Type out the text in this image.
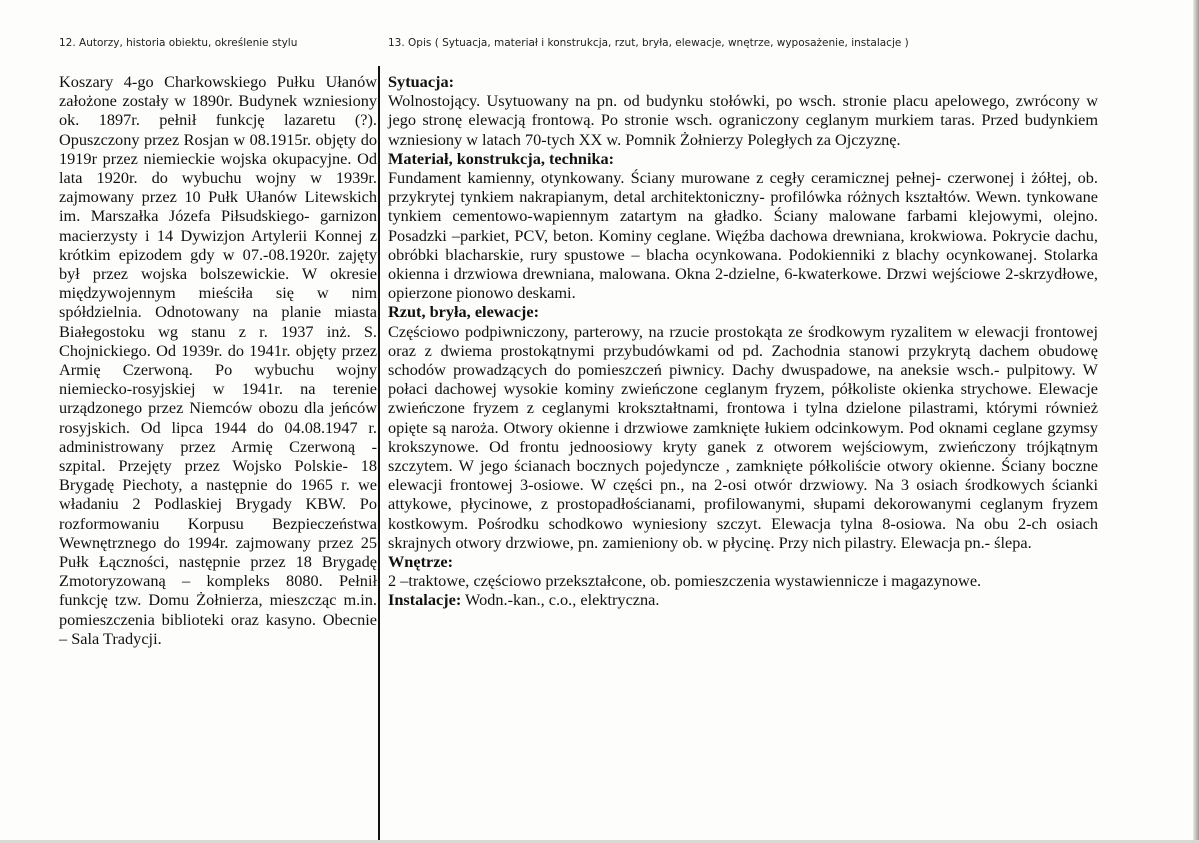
12. Autorzy, historia obiektu, określenie stylu	13. Opis ( Sytuacja, materiał i konstrukcja, rzut, bryła, elewacje, wnętrze, wyposażenie, instalacje )

Koszary 4-go Charkowskiego Pułku Ułanów założone zostały w 1890r. Budynek wzniesiony ok. 1897r. pełnił funkcję lazaretu (?). Opuszczony przez Rosjan w 08.1915r. objęty do 1919r przez niemieckie wojska okupacyjne. Od lata 1920r. do wybuchu wojny w 1939r. zajmowany przez 10 Pułk Ułanów Litewskich im. Marszałka Józefa Piłsudskiego- garnizon macierzysty i 14 Dywizjon Artylerii Konnej z krótkim epizodem gdy w 07.-08.1920r. zajęty był przez wojska bolszewickie. W okresie międzywojennym mieściła się w nim spółdzielnia. Odnotowany na planie miasta Białegostoku wg stanu z r. 1937 inż. S. Chojnickiego. Od 1939r. do 1941r. objęty przez Armię Czerwoną. Po wybuchu wojny niemiecko-rosyjskiej w 1941r. na terenie urządzonego przez Niemców obozu dla jeńców rosyjskich. Od lipca 1944 do 04.08.1947 r. administrowany przez Armię Czerwoną - szpital. Przejęty przez Wojsko Polskie- 18 Brygadę Piechoty, a następnie do 1965 r. we władaniu 2 Podlaskiej Brygady KBW. Po rozformowaniu Korpusu Bezpieczeństwa Wewnętrznego do 1994r. zajmowany przez 25 Pułk Łączności, następnie przez 18 Brygadę Zmotoryzowaną – kompleks 8080. Pełnił funkcję tzw. Domu Żołnierza, mieszcząc m.in. pomieszczenia biblioteki oraz kasyno. Obecnie – Sala Tradycji.

Sytuacja:

Wolnostojący. Usytuowany na pn. od budynku stołówki, po wsch. stronie placu apelowego, zwrócony w jego stronę elewacją frontową. Po stronie wsch. ograniczony ceglanym murkiem taras. Przed budynkiem wzniesiony w latach 70-tych XX w. Pomnik Żołnierzy Poległych za Ojczyznę.

Materiał, konstrukcja, technika:

Fundament kamienny, otynkowany. Ściany murowane z cegły ceramicznej pełnej- czerwonej i żółtej, ob. przykrytej tynkiem nakrapianym, detal architektoniczny- profilówka różnych kształtów. Wewn. tynkowane tynkiem cementowo-wapiennym zatartym na gładko. Ściany malowane farbami klejowymi, olejno. Posadzki –parkiet, PCV, beton. Kominy ceglane. Więźba dachowa drewniana, krokwiowa. Pokrycie dachu, obróbki blacharskie, rury spustowe – blacha ocynkowana. Podokienniki z blachy ocynkowanej. Stolarka okienna i drzwiowa drewniana, malowana. Okna 2-dzielne, 6-kwaterkowe. Drzwi wejściowe 2-skrzydłowe, opierzone pionowo deskami.

Rzut, bryła, elewacje:

Częściowo podpiwniczony, parterowy, na rzucie prostokąta ze środkowym ryzalitem w elewacji frontowej oraz z dwiema prostokątnymi przybudówkami od pd. Zachodnia stanowi przykrytą dachem obudowę schodów prowadzących do pomieszczeń piwnicy. Dachy dwuspadowe, na aneksie wsch.- pulpitowy. W połaci dachowej wysokie kominy zwieńczone ceglanym fryzem, półkoliste okienka strychowe. Elewacje zwieńczone fryzem z ceglanymi krokształtnami, frontowa i tylna dzielone pilastrami, którymi również opięte są naroża. Otwory okienne i drzwiowe zamknięte łukiem odcinkowym. Pod oknami ceglane gzymsy krokszynowe. Od frontu jednoosiowy kryty ganek z otworem wejściowym, zwieńczony trójkątnym szczytem. W jego ścianach bocznych pojedyncze , zamknięte półkoliście otwory okienne. Ściany boczne elewacji frontowej 3-osiowe. W części pn., na 2-osi otwór drzwiowy. Na 3 osiach środkowych ścianki attykowe, płycinowe, z prostopadłościanami, profilowanymi, słupami dekorowanymi ceglanym fryzem kostkowym. Pośrodku schodkowo wyniesiony szczyt. Elewacja tylna 8-osiowa. Na obu 2-ch osiach skrajnych otwory drzwiowe, pn. zamieniony ob. w płycinę. Przy nich pilastry. Elewacja pn.- ślepa.

Wnętrze:

2 –traktowe, częściowo przekształcone, ob. pomieszczenia wystawiennicze i magazynowe.

Instalacje: Wodn.-kan., c.o., elektryczna.
